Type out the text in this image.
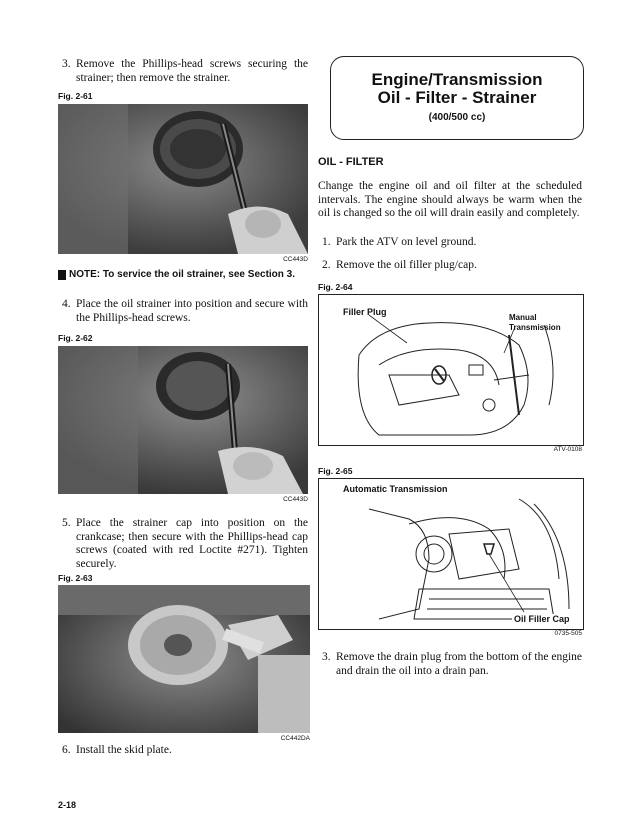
3. Remove the Phillips-head screws securing the strainer; then remove the strainer.
Fig. 2-61
CC443D
NOTE: To service the oil strainer, see Section 3.
4. Place the oil strainer into position and secure with the Phillips-head screws.
Fig. 2-62
CC443D
5. Place the strainer cap into position on the crankcase; then secure with the Phillips-head cap screws (coated with red Loctite #271). Tighten securely.
Fig. 2-63
CC442DA
6. Install the skid plate.
2-18
Engine/Transmission
Oil - Filter - Strainer
(400/500 cc)
OIL - FILTER
Change the engine oil and oil filter at the scheduled intervals. The engine should always be warm when the oil is changed so the oil will drain easily and completely.
1. Park the ATV on level ground.
2. Remove the oil filler plug/cap.
Fig. 2-64
Filler Plug
Manual Transmission
ATV-0108
Fig. 2-65
Automatic Transmission
Oil Filler Cap
0735-505
3. Remove the drain plug from the bottom of the engine and drain the oil into a drain pan.
